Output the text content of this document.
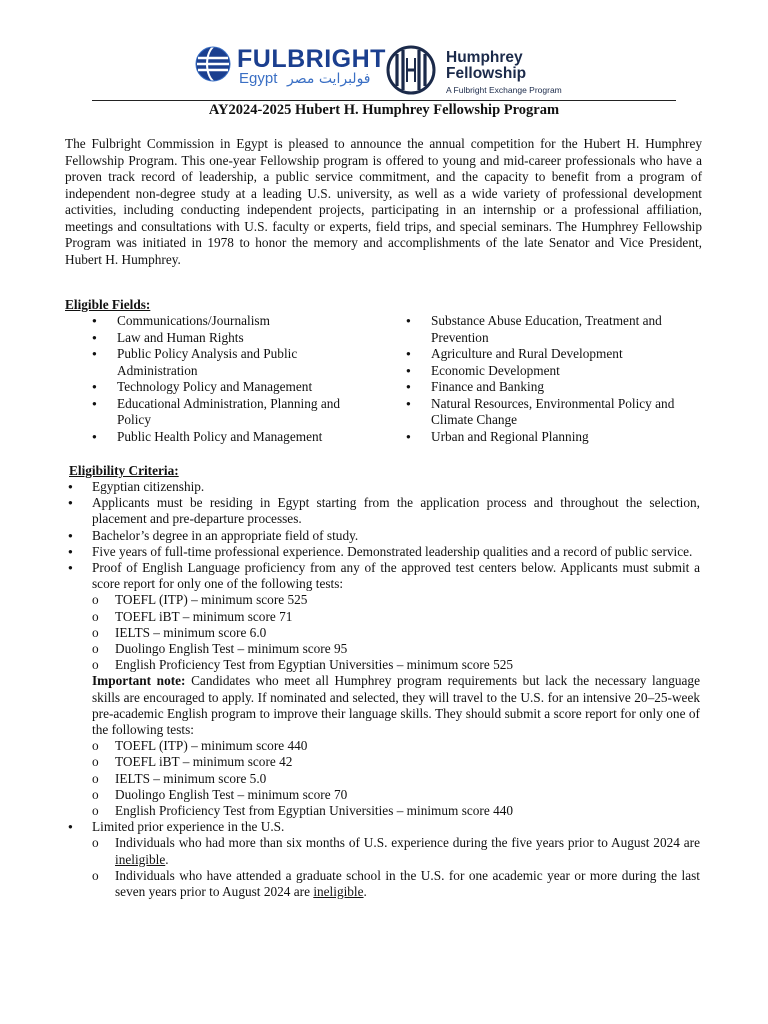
FULBRIGHT
Egypt فولبرايت مصر
Humphrey
Fellowship
A Fulbright Exchange Program
AY2024-2025 Hubert H. Humphrey Fellowship Program

The Fulbright Commission in Egypt is pleased to announce the annual competition for the Hubert H. Humphrey Fellowship Program. This one-year Fellowship program is offered to young and mid-career professionals who have a proven track record of leadership, a public service commitment, and the capacity to benefit from a program of independent non-degree study at a leading U.S. university, as well as a wide variety of professional development activities, including conducting independent projects, participating in an internship or a professional affiliation, meetings and consultations with U.S. faculty or experts, field trips, and special seminars. The Humphrey Fellowship Program was initiated in 1978 to honor the memory and accomplishments of the late Senator and Vice President, Hubert H. Humphrey.

Eligible Fields:
● Communications/Journalism
● Law and Human Rights
● Public Policy Analysis and Public Administration
● Technology Policy and Management
● Educational Administration, Planning and Policy
● Public Health Policy and Management
● Substance Abuse Education, Treatment and Prevention
● Agriculture and Rural Development
● Economic Development
● Finance and Banking
● Natural Resources, Environmental Policy and Climate Change
● Urban and Regional Planning
Eligibility Criteria:
● Egyptian citizenship.
● Applicants must be residing in Egypt starting from the application process and throughout the selection, placement and pre-departure processes.
● Bachelor’s degree in an appropriate field of study.
● Five years of full-time professional experience. Demonstrated leadership qualities and a record of public service.
● Proof of English Language proficiency from any of the approved test centers below. Applicants must submit a score report for only one of the following tests:
o TOEFL (ITP) – minimum score 525
o TOEFL iBT – minimum score 71
o IELTS – minimum score 6.0
o Duolingo English Test – minimum score 95
o English Proficiency Test from Egyptian Universities – minimum score 525
Important note: Candidates who meet all Humphrey program requirements but lack the necessary language skills are encouraged to apply. If nominated and selected, they will travel to the U.S. for an intensive 20–25-week pre-academic English program to improve their language skills. They should submit a score report for only one of the following tests:
o TOEFL (ITP) – minimum score 440
o TOEFL iBT – minimum score 42
o IELTS – minimum score 5.0
o Duolingo English Test – minimum score 70
o English Proficiency Test from Egyptian Universities – minimum score 440
● Limited prior experience in the U.S.
o Individuals who had more than six months of U.S. experience during the five years prior to August 2024 are ineligible.
o Individuals who have attended a graduate school in the U.S. for one academic year or more during the last seven years prior to August 2024 are ineligible.
